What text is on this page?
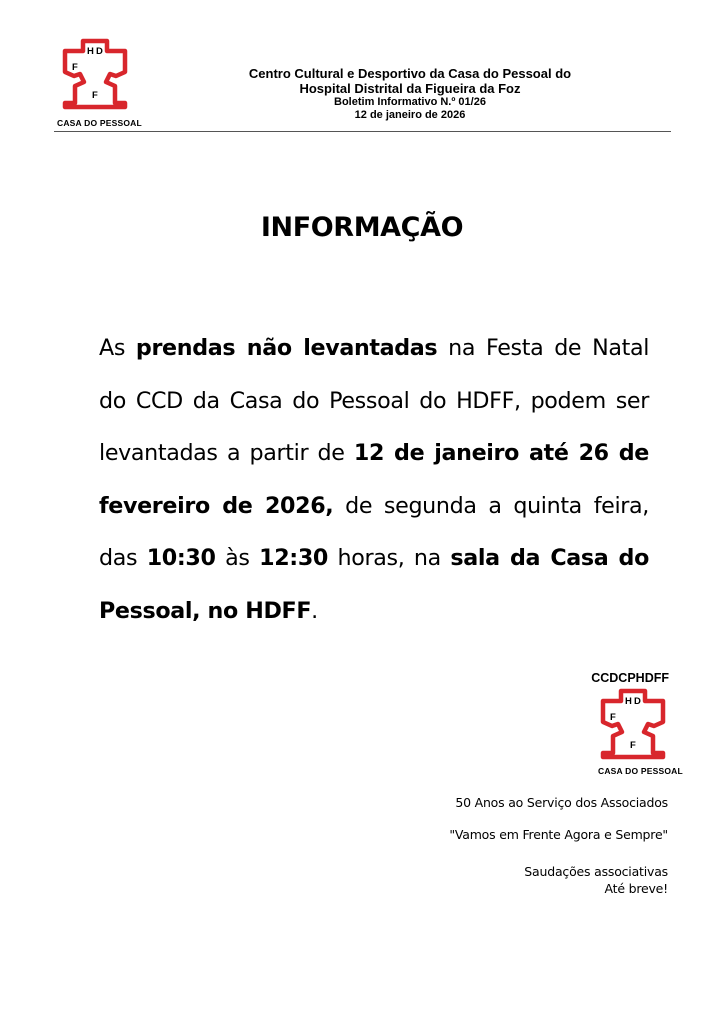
H D
F
F
CASA DO PESSOAL
Centro Cultural e Desportivo da Casa do Pessoal do
Hospital Distrital da Figueira da Foz
Boletim Informativo N.º 01/26
12 de janeiro de 2026
INFORMAÇÃO
As prendas não levantadas na Festa de Natal do CCD da Casa do Pessoal do HDFF, podem ser levantadas a partir de 12 de janeiro até 26 de fevereiro de 2026, de segunda a quinta feira, das 10:30 às 12:30 horas, na sala da Casa do Pessoal, no HDFF.
CCDCPHDFF
H D
F
F
CASA DO PESSOAL
50 Anos ao Serviço dos Associados
"Vamos em Frente Agora e Sempre"
Saudações associativas
Até breve!
